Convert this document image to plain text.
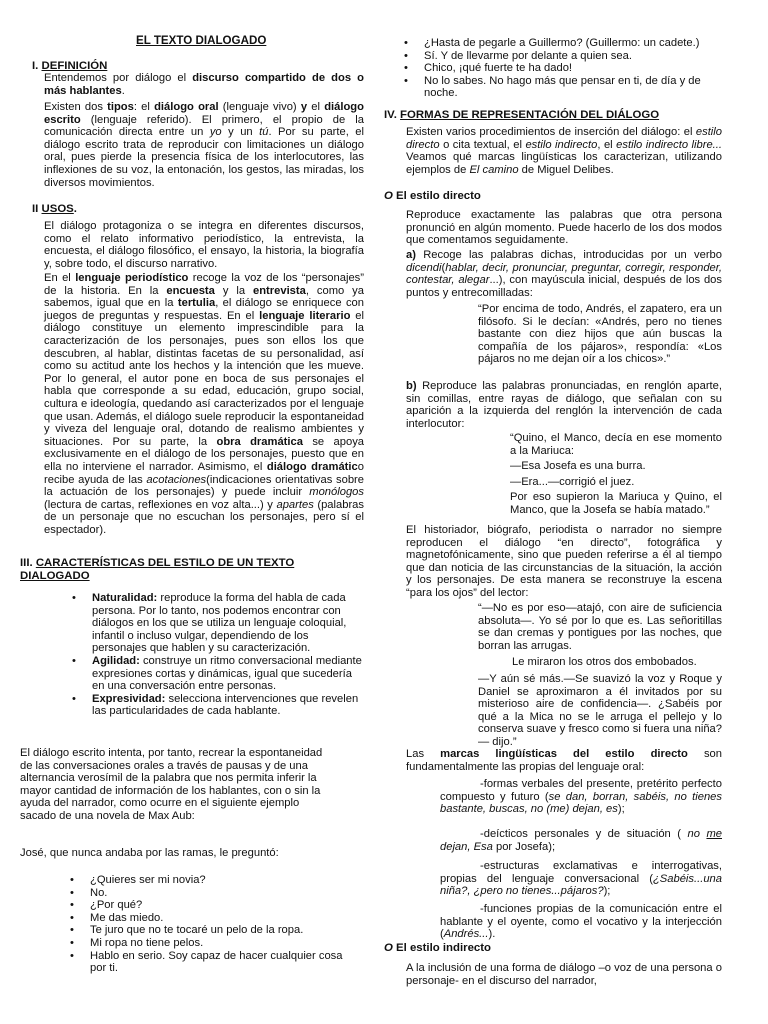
EL TEXTO DIALOGADO
I. DEFINICIÓN

Entendemos por diálogo el discurso compartido de dos o más hablantes.

Existen dos tipos: el diálogo oral (lenguaje vivo) y el diálogo escrito (lenguaje referido). El primero, el propio de la comunicación directa entre un yo y un tú. Por su parte, el diálogo escrito trata de reproducir con limitaciones un diálogo oral, pues pierde la presencia física de los interlocutores, las inflexiones de su voz, la entonación, los gestos, las miradas, los diversos movimientos.

II USOS.

El diálogo protagoniza o se integra en diferentes discursos, como el relato informativo periodístico, la entrevista, la encuesta, el diálogo filosófico, el ensayo, la historia, la biografía y, sobre todo, el discurso narrativo.

En el lenguaje periodístico recoge la voz de los “personajes” de la historia. En la encuesta y la entrevista, como ya sabemos, igual que en la tertulia, el diálogo se enriquece con juegos de preguntas y respuestas. En el lenguaje literario el diálogo constituye un elemento imprescindible para la caracterización de los personajes, pues son ellos los que descubren, al hablar, distintas facetas de su personalidad, así como su actitud ante los hechos y la intención que les mueve. Por lo general, el autor pone en boca de sus personajes el habla que corresponde a su edad, educación, grupo social, cultura e ideología, quedando así caracterizados por el lenguaje que usan. Además, el diálogo suele reproducir la espontaneidad y viveza del lenguaje oral, dotando de realismo ambientes y situaciones. Por su parte, la obra dramática se apoya exclusivamente en el diálogo de los personajes, puesto que en ella no interviene el narrador. Asimismo, el diálogo dramático recibe ayuda de las acotaciones(indicaciones orientativas sobre la actuación de los personajes) y puede incluir monólogos (lectura de cartas, reflexiones en voz alta...) y apartes (palabras de un personaje que no escuchan los personajes, pero sí el espectador).

III. CARACTERÍSTICAS DEL ESTILO DE UN TEXTO DIALOGADO
• Naturalidad: reproduce la forma del habla de cada persona. Por lo tanto, nos podemos encontrar con diálogos en los que se utiliza un lenguaje coloquial, infantil o incluso vulgar, dependiendo de los personajes que hablen y su caracterización.
• Agilidad: construye un ritmo conversacional mediante expresiones cortas y dinámicas, igual que sucedería en una conversación entre personas.
• Expresividad: selecciona intervenciones que revelen las particularidades de cada hablante.

El diálogo escrito intenta, por tanto, recrear la espontaneidad de las conversaciones orales a través de pausas y de una alternancia verosímil de la palabra que nos permita inferir la mayor cantidad de información de los hablantes, con o sin la ayuda del narrador, como ocurre en el siguiente ejemplo sacado de una novela de Max Aub:

José, que nunca andaba por las ramas, le preguntó:

• ¿Quieres ser mi novia?
• No.
• ¿Por qué?
• Me das miedo.
• Te juro que no te tocaré un pelo de la ropa.
• Mi ropa no tiene pelos.
• Hablo en serio. Soy capaz de hacer cualquier cosa por ti.
• ¿Hasta de pegarle a Guillermo? (Guillermo: un cadete.)
• Sí. Y de llevarme por delante a quien sea.
• Chico, ¡qué fuerte te ha dado!
• No lo sabes. No hago más que pensar en ti, de día y de noche.
IV. FORMAS DE REPRESENTACIÓN DEL DIÁLOGO

Existen varios procedimientos de inserción del diálogo: el estilo directo o cita textual, el estilo indirecto, el estilo indirecto libre... Veamos qué marcas lingüísticas los caracterizan, utilizando ejemplos de El camino de Miguel Delibes.

O El estilo directo

Reproduce exactamente las palabras que otra persona pronunció en algún momento. Puede hacerlo de los dos modos que comentamos seguidamente.

a) Recoge las palabras dichas, introducidas por un verbo dicendi(hablar, decir, pronunciar, preguntar, corregir, responder, contestar, alegar...), con mayúscula inicial, después de los dos puntos y entrecomilladas:

“Por encima de todo, Andrés, el zapatero, era un filósofo. Si le decían: «Andrés, pero no tienes bastante con diez hijos que aún buscas la compañía de los pájaros», respondía: «Los pájaros no me dejan oír a los chicos».”

b) Reproduce las palabras pronunciadas, en renglón aparte, sin comillas, entre rayas de diálogo, que señalan con su aparición a la izquierda del renglón la intervención de cada interlocutor:

“Quino, el Manco, decía en ese momento a la Mariuca:

—Esa Josefa es una burra.

—Era...—corrigió el juez.

Por eso supieron la Mariuca y Quino, el Manco, que la Josefa se había matado.”

El historiador, biógrafo, periodista o narrador no siempre reproducen el diálogo “en directo”, fotográfica y magnetofónicamente, sino que pueden referirse a él al tiempo que dan noticia de las circunstancias de la situación, la acción y los personajes. De esta manera se reconstruye la escena “para los ojos” del lector:

“—No es por eso—atajó, con aire de suficiencia absoluta—. Yo sé por lo que es. Las señoritillas se dan cremas y pontigues por las noches, que borran las arrugas.

Le miraron los otros dos embobados.

—Y aún sé más.—Se suavizó la voz y Roque y Daniel se aproximaron a él invitados por su misterioso aire de confidencia—. ¿Sabéis por qué a la Mica no se le arruga el pellejo y lo conserva suave y fresco como si fuera una niña?— dijo.”

Las marcas lingüísticas del estilo directo son fundamentalmente las propias del lenguaje oral:

-formas verbales del presente, pretérito perfecto compuesto y futuro (se dan, borran, sabéis, no tienes bastante, buscas, no (me) dejan, es);

-deícticos personales y de situación ( no me dejan, Esa por Josefa);

-estructuras exclamativas e interrogativas, propias del lenguaje conversacional (¿Sabéis...una niña?, ¿pero no tienes...pájaros?);

-funciones propias de la comunicación entre el hablante y el oyente, como el vocativo y la interjección (Andrés...).

O El estilo indirecto

A la inclusión de una forma de diálogo –o voz de una persona o personaje- en el discurso del narrador,
